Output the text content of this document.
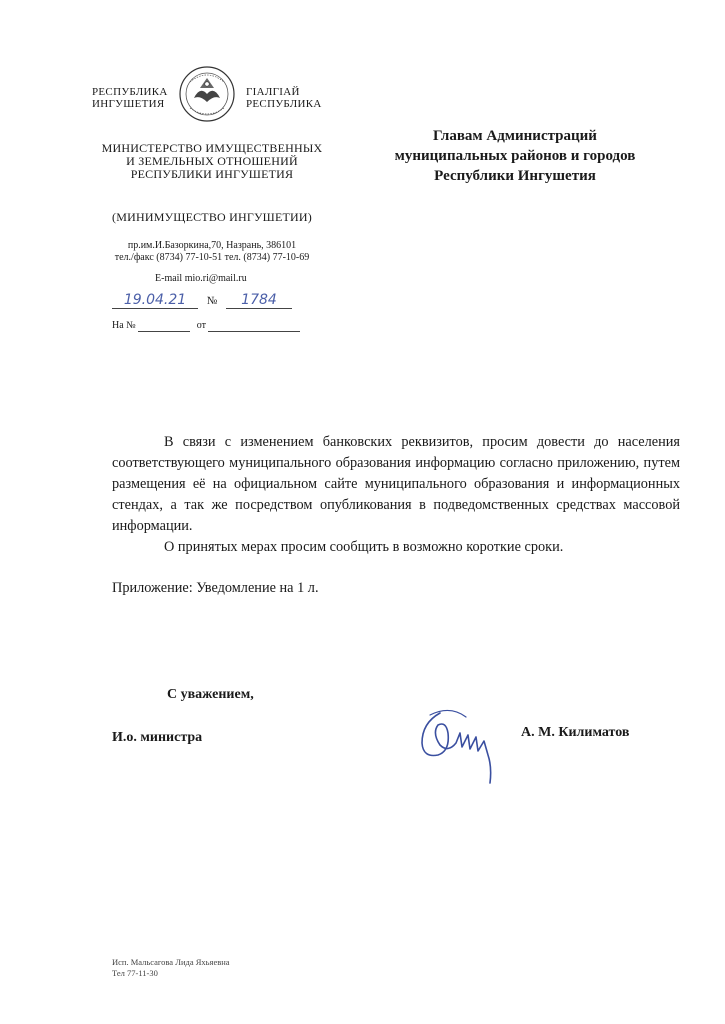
РЕСПУБЛИКА
ИНГУШЕТИЯ
ГІАЛГІАЙ
РЕСПУБЛИКА
МИНИСТЕРСТВО ИМУЩЕСТВЕННЫХ
И ЗЕМЕЛЬНЫХ ОТНОШЕНИЙ
РЕСПУБЛИКИ ИНГУШЕТИЯ
(МИНИМУЩЕСТВО ИНГУШЕТИИ)
пр.им.И.Базоркина,70, Назрань, 386101
тел./факс (8734) 77-10-51 тел. (8734) 77-10-69
E-mail mio.ri@mail.ru
19.04.21 № 1784
На №	от
Главам Администраций
муниципальных районов и городов
Республики Ингушетия

В связи с изменением банковских реквизитов, просим довести до населения соответствующего муниципального образования информацию согласно приложению, путем размещения её на официальном сайте муниципального образования и информационных стендах, а так же посредством опубликования в подведомственных средствах массовой информации.

О принятых мерах просим сообщить в возможно короткие сроки.

Приложение: Уведомление на 1 л.
С уважением,
И.о. министра	А. М. Килиматов
Исп. Мальсагова Лида Яхьяевна
Тел 77-11-30
